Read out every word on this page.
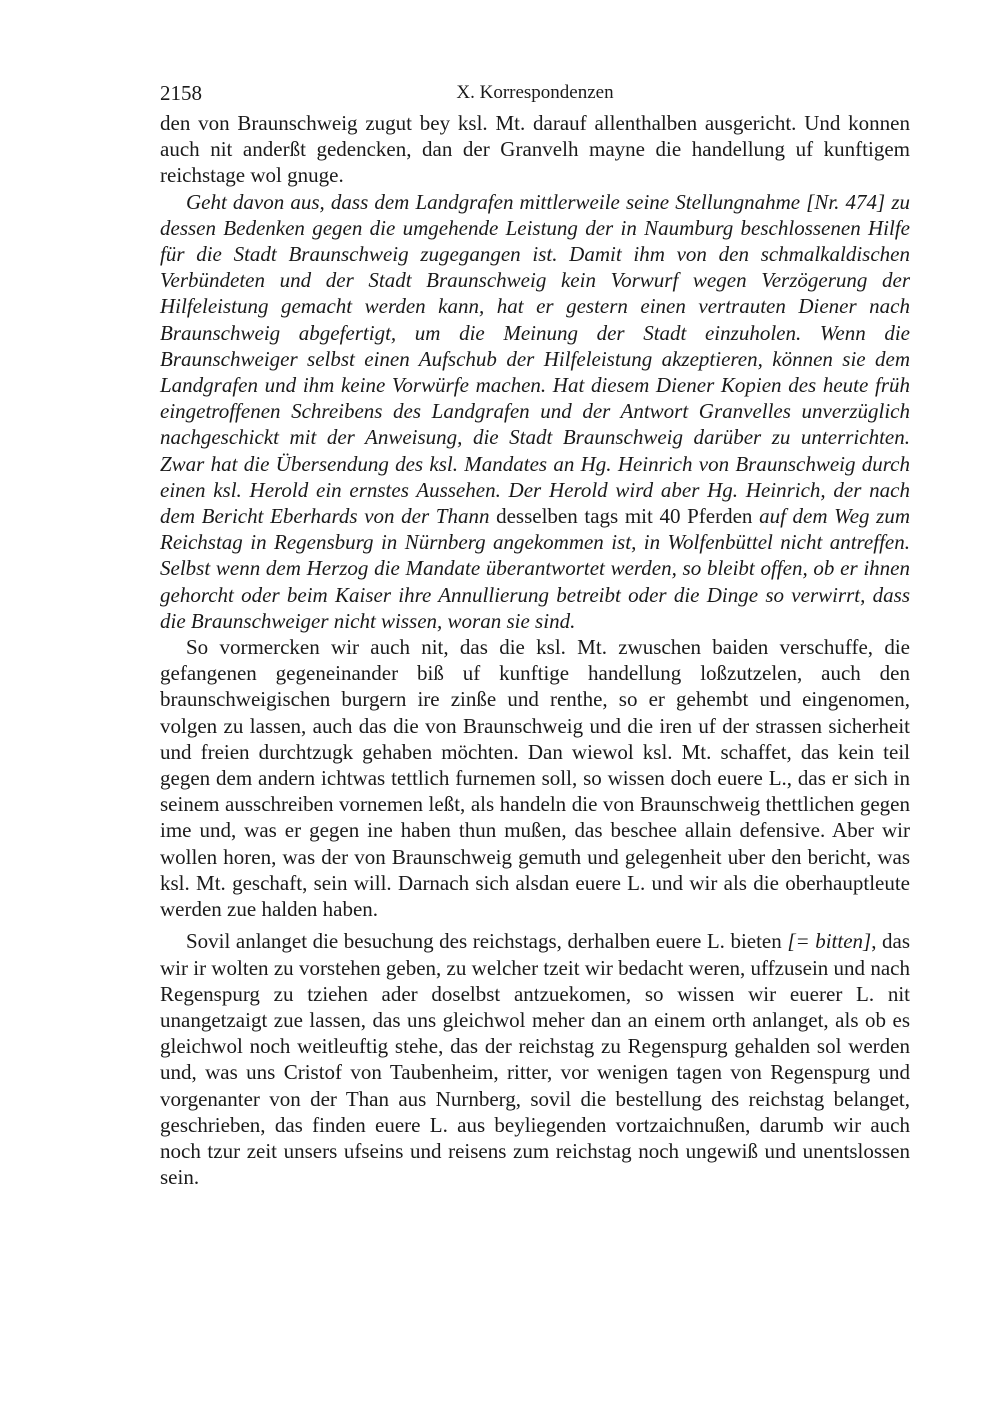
2158	X. Korrespondenzen

den von Braunschweig zugut bey ksl. Mt. darauf allenthalben ausgericht. Und konnen auch nit anderßt gedencken, dan der Granvelh mayne die handellung uf kunftigem reichstage wol gnuge.

Geht davon aus, dass dem Landgrafen mittlerweile seine Stellungnahme [Nr. 474] zu dessen Bedenken gegen die umgehende Leistung der in Naumburg beschlossenen Hilfe für die Stadt Braunschweig zugegangen ist. Damit ihm von den schmalkaldischen Verbündeten und der Stadt Braunschweig kein Vorwurf wegen Verzögerung der Hilfeleistung gemacht werden kann, hat er gestern einen vertrauten Diener nach Braunschweig abgefertigt, um die Meinung der Stadt einzuholen. Wenn die Braunschweiger selbst einen Aufschub der Hilfeleistung akzeptieren, können sie dem Landgrafen und ihm keine Vorwürfe machen. Hat diesem Diener Kopien des heute früh eingetroffenen Schreibens des Landgrafen und der Antwort Granvelles unverzüglich nachgeschickt mit der Anweisung, die Stadt Braunschweig darüber zu unterrichten. Zwar hat die Übersendung des ksl. Mandates an Hg. Heinrich von Braunschweig durch einen ksl. Herold ein ernstes Aussehen. Der Herold wird aber Hg. Heinrich, der nach dem Bericht Eberhards von der Thann desselben tags mit 40 Pferden auf dem Weg zum Reichstag in Regensburg in Nürnberg angekommen ist, in Wolfenbüttel nicht antreffen. Selbst wenn dem Herzog die Mandate überantwortet werden, so bleibt offen, ob er ihnen gehorcht oder beim Kaiser ihre Annullierung betreibt oder die Dinge so verwirrt, dass die Braunschweiger nicht wissen, woran sie sind.

So vormercken wir auch nit, das die ksl. Mt. zwuschen baiden verschuffe, die gefangenen gegeneinander biß uf kunftige handellung loßzutzelen, auch den braunschweigischen burgern ire zinße und renthe, so er gehembt und eingenomen, volgen zu lassen, auch das die von Braunschweig und die iren uf der strassen sicherheit und freien durchtzugk gehaben möchten. Dan wiewol ksl. Mt. schaffet, das kein teil gegen dem andern ichtwas tettlich furnemen soll, so wissen doch euere L., das er sich in seinem ausschreiben vornemen leßt, als handeln die von Braunschweig thettlichen gegen ime und, was er gegen ine haben thun mußen, das beschee allain defensive. Aber wir wollen horen, was der von Braunschweig gemuth und gelegenheit uber den bericht, was ksl. Mt. geschaft, sein will. Darnach sich alsdan euere L. und wir als die oberhauptleute werden zue halden haben.

Sovil anlanget die besuchung des reichstags, derhalben euere L. bieten [= bitten], das wir ir wolten zu vorstehen geben, zu welcher tzeit wir bedacht weren, uffzusein und nach Regenspurg zu tziehen ader doselbst antzuekomen, so wissen wir euerer L. nit unangetzaigt zue lassen, das uns gleichwol meher dan an einem orth anlanget, als ob es gleichwol noch weitleuftig stehe, das der reichstag zu Regenspurg gehalden sol werden und, was uns Cristof von Taubenheim, ritter, vor wenigen tagen von Regenspurg und vorgenanter von der Than aus Nurnberg, sovil die bestellung des reichstag belanget, geschrieben, das finden euere L. aus beyliegenden vortzaichnußen, darumb wir auch noch tzur zeit unsers ufseins und reisens zum reichstag noch ungewiß und unentslossen sein.
